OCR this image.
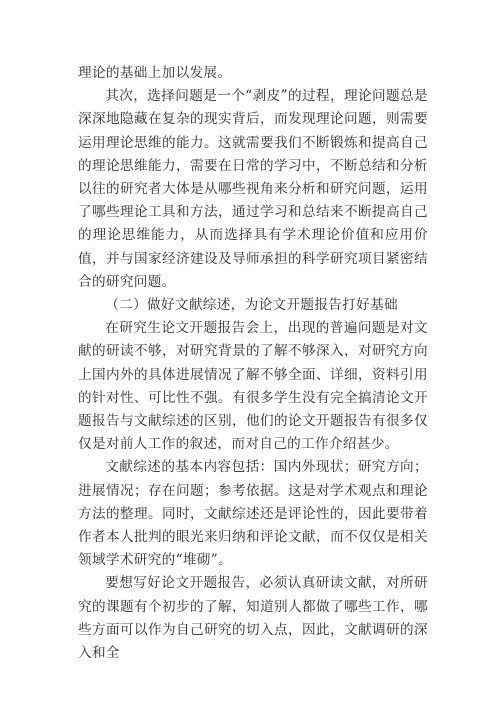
理论的基础上加以发展。

其次，选择问题是一个“剥皮”的过程，理论问题总是深深地隐藏在复杂的现实背后，而发现理论问题，则需要运用理论思维的能力。这就需要我们不断锻炼和提高自己的理论思维能力，需要在日常的学习中，不断总结和分析以往的研究者大体是从哪些视角来分析和研究问题，运用了哪些理论工具和方法，通过学习和总结来不断提高自己的理论思维能力，从而选择具有学术理论价值和应用价值，并与国家经济建设及导师承担的科学研究项目紧密结合的研究问题。

（二）做好文献综述，为论文开题报告打好基础

在研究生论文开题报告会上，出现的普遍问题是对文献的研读不够，对研究背景的了解不够深入，对研究方向上国内外的具体进展情况了解不够全面、详细，资料引用的针对性、可比性不强。有很多学生没有完全搞清论文开题报告与文献综述的区别，他们的论文开题报告有很多仅仅是对前人工作的叙述，而对自己的工作介绍甚少。

文献综述的基本内容包括：国内外现状；研究方向；进展情况；存在问题；参考依据。这是对学术观点和理论方法的整理。同时，文献综述还是评论性的，因此要带着作者本人批判的眼光来归纳和评论文献，而不仅仅是相关领域学术研究的“堆砌”。

要想写好论文开题报告，必须认真研读文献，对所研究的课题有个初步的了解，知道别人都做了哪些工作，哪些方面可以作为自己研究的切入点，因此，文献调研的深入和全
